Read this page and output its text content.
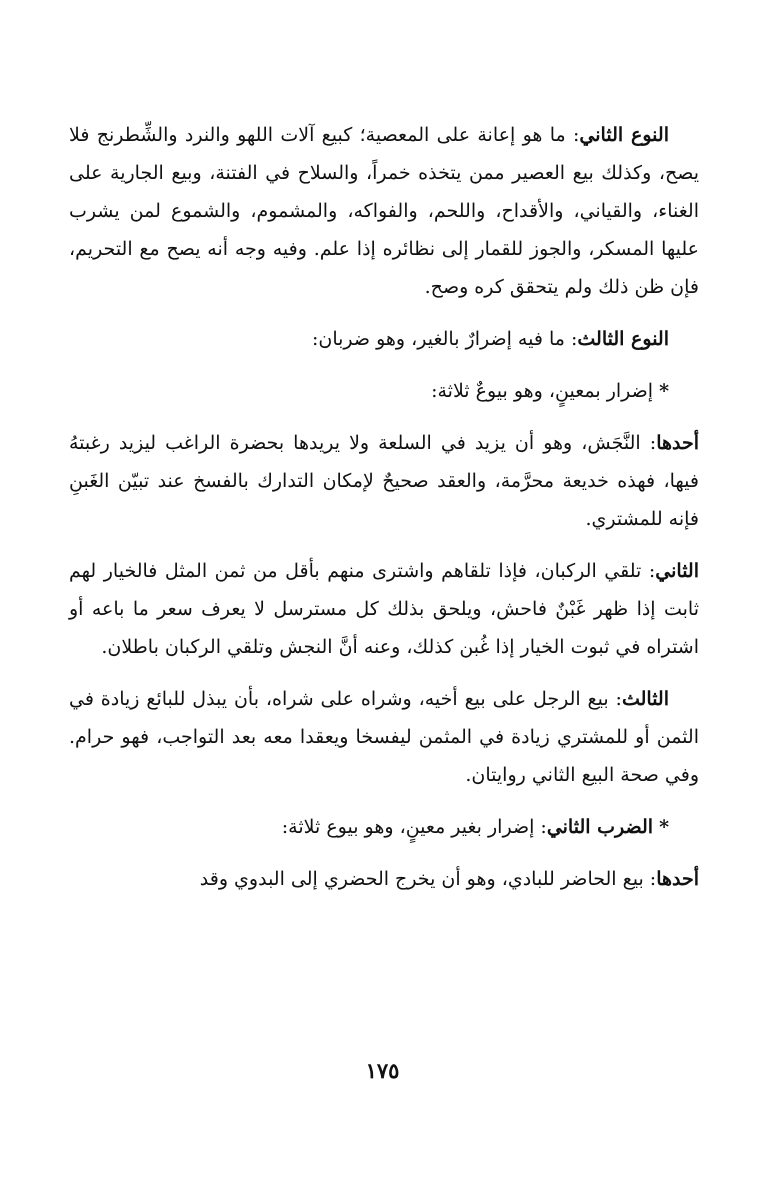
النوع الثاني: ما هو إعانة على المعصية؛ كبيع آلات اللهو والنرد والشِّطرنج فلا يصح، وكذلك بيع العصير ممن يتخذه خمراً، والسلاح في الفتنة، وبيع الجارية على الغناء، والقياني، والأقداح، واللحم، والفواكه، والمشموم، والشموع لمن يشرب عليها المسكر، والجوز للقمار إلى نظائره إذا علم. وفيه وجه أنه يصح مع التحريم، فإن ظن ذلك ولم يتحقق كره وصح.

النوع الثالث: ما فيه إضرارٌ بالغير، وهو ضربان:

*إضرار بمعينٍ، وهو بيوعٌ ثلاثة:

أحدها: النَّجَش، وهو أن يزيد في السلعة ولا يريدها بحضرة الراغب ليزيد رغبتهُ فيها، فهذه خديعة محرَّمة، والعقد صحيحٌ لإمكان التدارك بالفسخ عند تبيّن الغَبنِ فإنه للمشتري.

الثاني: تلقي الركبان، فإذا تلقاهم واشترى منهم بأقل من ثمن المثل فالخيار لهم ثابت إذا ظهر غَبْنٌ فاحش، ويلحق بذلك كل مسترسل لا يعرف سعر ما باعه أو اشتراه في ثبوت الخيار إذا غُبن كذلك، وعنه أنَّ النجش وتلقي الركبان باطلان.

الثالث: بيع الرجل على بيع أخيه، وشراه على شراه، بأن يبذل للبائع زيادة في الثمن أو للمشتري زيادة في المثمن ليفسخا ويعقدا معه بعد التواجب، فهو حرام. وفي صحة البيع الثاني روايتان.

*الضرب الثاني: إضرار بغير معينٍ، وهو بيوع ثلاثة:

أحدها: بيع الحاضر للبادي، وهو أن يخرج الحضري إلى البدوي وقد

١٧٥
